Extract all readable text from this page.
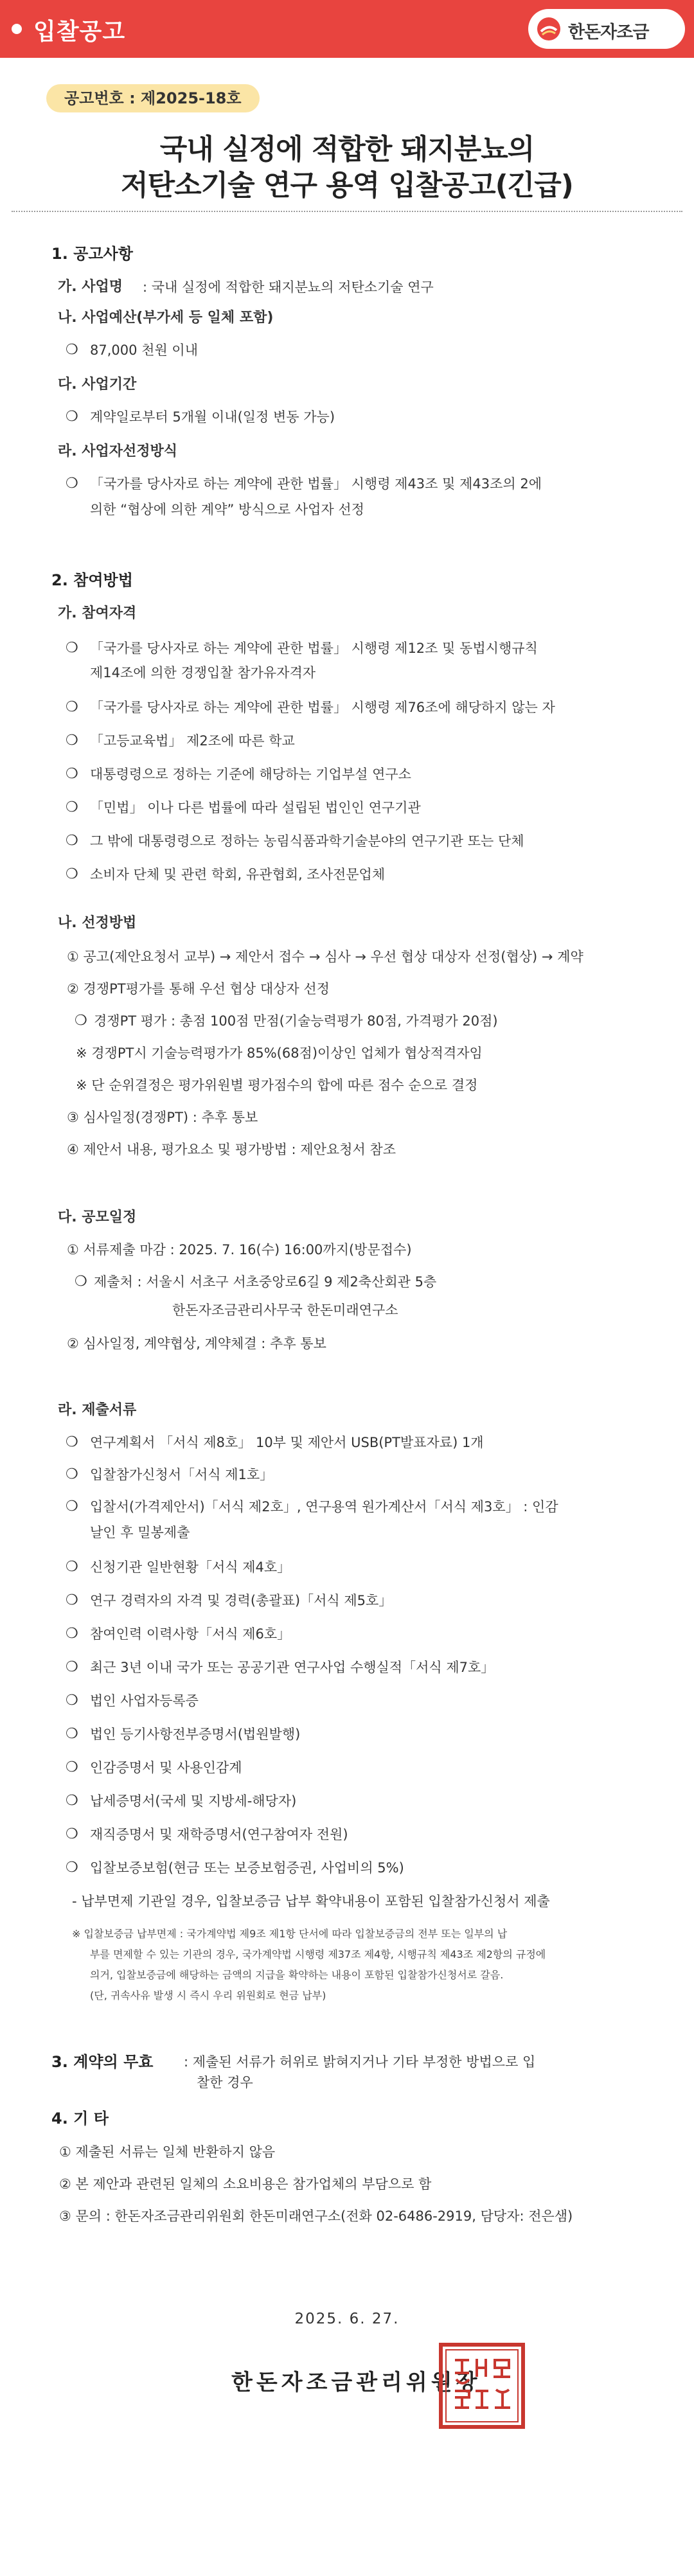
입찰공고	한돈자조금
공고번호 : 제2025-18호
국내 실정에 적합한 돼지분뇨의
저탄소기술 연구 용역 입찰공고(긴급)
1. 공고사항
가. 사업명 : 국내 실정에 적합한 돼지분뇨의 저탄소기술 연구
나. 사업예산(부가세 등 일체 포함)
❍ 87,000 천원 이내
다. 사업기간
❍ 계약일로부터 5개월 이내(일정 변동 가능)
라. 사업자선정방식
❍ 「국가를 당사자로 하는 계약에 관한 법률」 시행령 제43조 및 제43조의 2에
의한 “협상에 의한 계약” 방식으로 사업자 선정
2. 참여방법
가. 참여자격
❍ 「국가를 당사자로 하는 계약에 관한 법률」 시행령 제12조 및 동법시행규칙
제14조에 의한 경쟁입찰 참가유자격자
❍ 「국가를 당사자로 하는 계약에 관한 법률」 시행령 제76조에 해당하지 않는 자
❍ 「고등교육법」 제2조에 따른 학교
❍ 대통령령으로 정하는 기준에 해당하는 기업부설 연구소
❍ 「민법」 이나 다른 법률에 따라 설립된 법인인 연구기관
❍ 그 밖에 대통령령으로 정하는 농림식품과학기술분야의 연구기관 또는 단체
❍ 소비자 단체 및 관련 학회, 유관협회, 조사전문업체
나. 선정방법
① 공고(제안요청서 교부) → 제안서 접수 → 심사 → 우선 협상 대상자 선정(협상) → 계약
② 경쟁PT평가를 통해 우선 협상 대상자 선정
❍ 경쟁PT 평가 : 총점 100점 만점(기술능력평가 80점, 가격평가 20점)
※ 경쟁PT시 기술능력평가가 85%(68점)이상인 업체가 협상적격자임
※ 단 순위결정은 평가위원별 평가점수의 합에 따른 점수 순으로 결정
③ 심사일정(경쟁PT) : 추후 통보
④ 제안서 내용, 평가요소 및 평가방법 : 제안요청서 참조
다. 공모일정
① 서류제출 마감 : 2025. 7. 16(수) 16:00까지(방문접수)
❍ 제출처 : 서울시 서초구 서초중앙로6길 9 제2축산회관 5층
한돈자조금관리사무국 한돈미래연구소
② 심사일정, 계약협상, 계약체결 : 추후 통보
라. 제출서류
❍ 연구계획서 「서식 제8호」 10부 및 제안서 USB(PT발표자료) 1개
❍ 입찰참가신청서「서식 제1호」
❍ 입찰서(가격제안서)「서식 제2호」, 연구용역 원가계산서「서식 제3호」 : 인감
날인 후 밀봉제출
❍ 신청기관 일반현황「서식 제4호」
❍ 연구 경력자의 자격 및 경력(총괄표)「서식 제5호」
❍ 참여인력 이력사항「서식 제6호」
❍ 최근 3년 이내 국가 또는 공공기관 연구사업 수행실적「서식 제7호」
❍ 법인 사업자등록증
❍ 법인 등기사항전부증명서(법원발행)
❍ 인감증명서 및 사용인감계
❍ 납세증명서(국세 및 지방세-해당자)
❍ 재직증명서 및 재학증명서(연구참여자 전원)
❍ 입찰보증보험(현금 또는 보증보험증권, 사업비의 5%)
- 납부면제 기관일 경우, 입찰보증금 납부 확약내용이 포함된 입찰참가신청서 제출
※ 입찰보증금 납부면제 : 국가계약법 제9조 제1항 단서에 따라 입찰보증금의 전부 또는 일부의 납
부를 면제할 수 있는 기관의 경우, 국가계약법 시행령 제37조 제4항, 시행규칙 제43조 제2항의 규정에
의거, 입찰보증금에 해당하는 금액의 지급을 확약하는 내용이 포함된 입찰참가신청서로 갈음.
(단, 귀속사유 발생 시 즉시 우리 위원회로 현금 납부)
3. 계약의 무효 : 제출된 서류가 허위로 밝혀지거나 기타 부정한 방법으로 입
찰한 경우
4. 기 타
① 제출된 서류는 일체 반환하지 않음
② 본 제안과 관련된 일체의 소요비용은 참가업체의 부담으로 함
③ 문의 : 한돈자조금관리위원회 한돈미래연구소(전화 02-6486-2919, 담당자: 전은샘)
2025. 6. 27.
한돈자조금관리위원장
